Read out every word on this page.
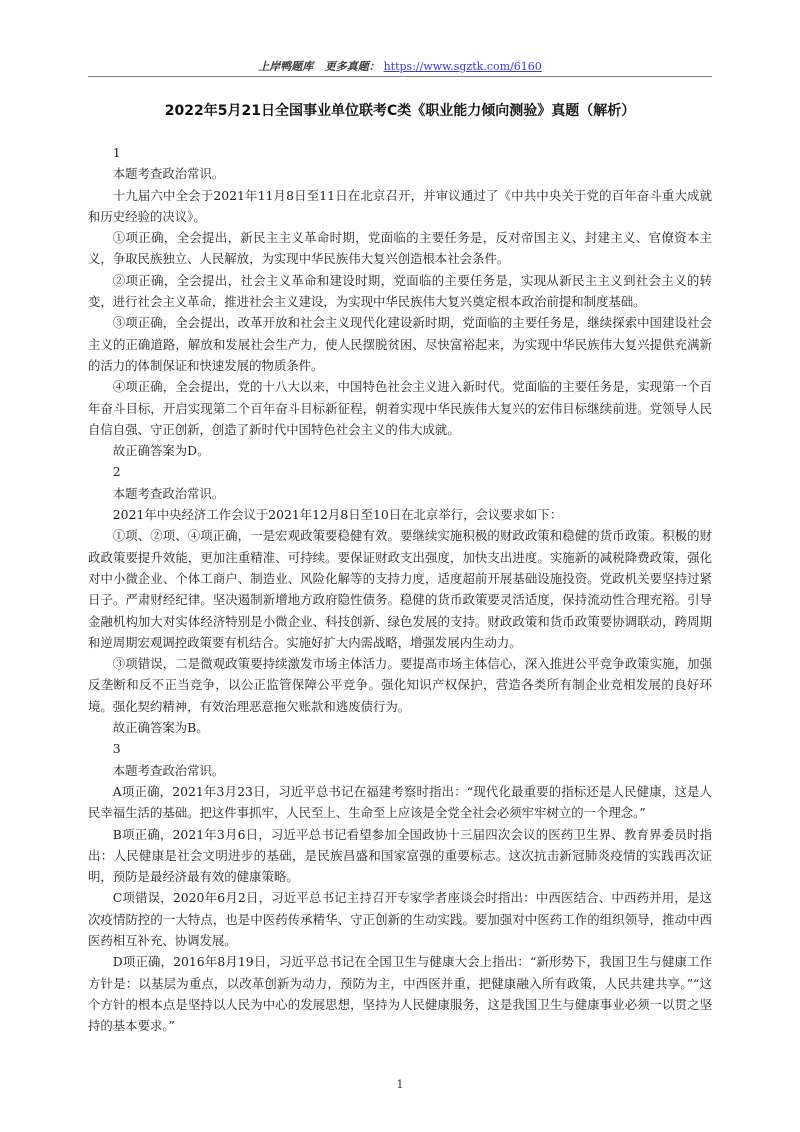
上岸鸭题库 更多真题： https://www.sgztk.com/6160
2022年5月21日全国事业单位联考C类《职业能力倾向测验》真题（解析）

1

本题考查政治常识。

十九届六中全会于2021年11月8日至11日在北京召开，并审议通过了《中共中央关于党的百年奋斗重大成就和历史经验的决议》。

①项正确，全会提出，新民主主义革命时期，党面临的主要任务是，反对帝国主义、封建主义、官僚资本主义，争取民族独立、人民解放，为实现中华民族伟大复兴创造根本社会条件。

②项正确，全会提出，社会主义革命和建设时期，党面临的主要任务是，实现从新民主主义到社会主义的转变，进行社会主义革命，推进社会主义建设，为实现中华民族伟大复兴奠定根本政治前提和制度基础。

③项正确，全会提出，改革开放和社会主义现代化建设新时期，党面临的主要任务是，继续探索中国建设社会主义的正确道路，解放和发展社会生产力，使人民摆脱贫困、尽快富裕起来，为实现中华民族伟大复兴提供充满新的活力的体制保证和快速发展的物质条件。

④项正确，全会提出，党的十八大以来，中国特色社会主义进入新时代。党面临的主要任务是，实现第一个百年奋斗目标，开启实现第二个百年奋斗目标新征程，朝着实现中华民族伟大复兴的宏伟目标继续前进。党领导人民自信自强、守正创新，创造了新时代中国特色社会主义的伟大成就。

故正确答案为D。

2

本题考查政治常识。

2021年中央经济工作会议于2021年12月8日至10日在北京举行，会议要求如下：

①项、②项、④项正确，一是宏观政策要稳健有效。要继续实施积极的财政政策和稳健的货币政策。积极的财政政策要提升效能，更加注重精准、可持续。要保证财政支出强度，加快支出进度。实施新的减税降费政策，强化对中小微企业、个体工商户、制造业、风险化解等的支持力度，适度超前开展基础设施投资。党政机关要坚持过紧日子。严肃财经纪律。坚决遏制新增地方政府隐性债务。稳健的货币政策要灵活适度，保持流动性合理充裕。引导金融机构加大对实体经济特别是小微企业、科技创新、绿色发展的支持。财政政策和货币政策要协调联动，跨周期和逆周期宏观调控政策要有机结合。实施好扩大内需战略，增强发展内生动力。

③项错误，二是微观政策要持续激发市场主体活力。要提高市场主体信心，深入推进公平竞争政策实施，加强反垄断和反不正当竞争，以公正监管保障公平竞争。强化知识产权保护，营造各类所有制企业竞相发展的良好环境。强化契约精神，有效治理恶意拖欠账款和逃废债行为。

故正确答案为B。

3

本题考查政治常识。

A项正确，2021年3月23日，习近平总书记在福建考察时指出：“现代化最重要的指标还是人民健康，这是人民幸福生活的基础。把这件事抓牢，人民至上、生命至上应该是全党全社会必须牢牢树立的一个理念。”

B项正确，2021年3月6日，习近平总书记看望参加全国政协十三届四次会议的医药卫生界、教育界委员时指出：人民健康是社会文明进步的基础，是民族昌盛和国家富强的重要标志。这次抗击新冠肺炎疫情的实践再次证明，预防是最经济最有效的健康策略。

C项错误，2020年6月2日，习近平总书记主持召开专家学者座谈会时指出：中西医结合、中西药并用，是这次疫情防控的一大特点，也是中医药传承精华、守正创新的生动实践。要加强对中医药工作的组织领导，推动中西医药相互补充、协调发展。

D项正确，2016年8月19日，习近平总书记在全国卫生与健康大会上指出：“新形势下，我国卫生与健康工作方针是：以基层为重点，以改革创新为动力，预防为主，中西医并重，把健康融入所有政策，人民共建共享。”“这个方针的根本点是坚持以人民为中心的发展思想，坚持为人民健康服务，这是我国卫生与健康事业必须一以贯之坚持的基本要求。”

1
